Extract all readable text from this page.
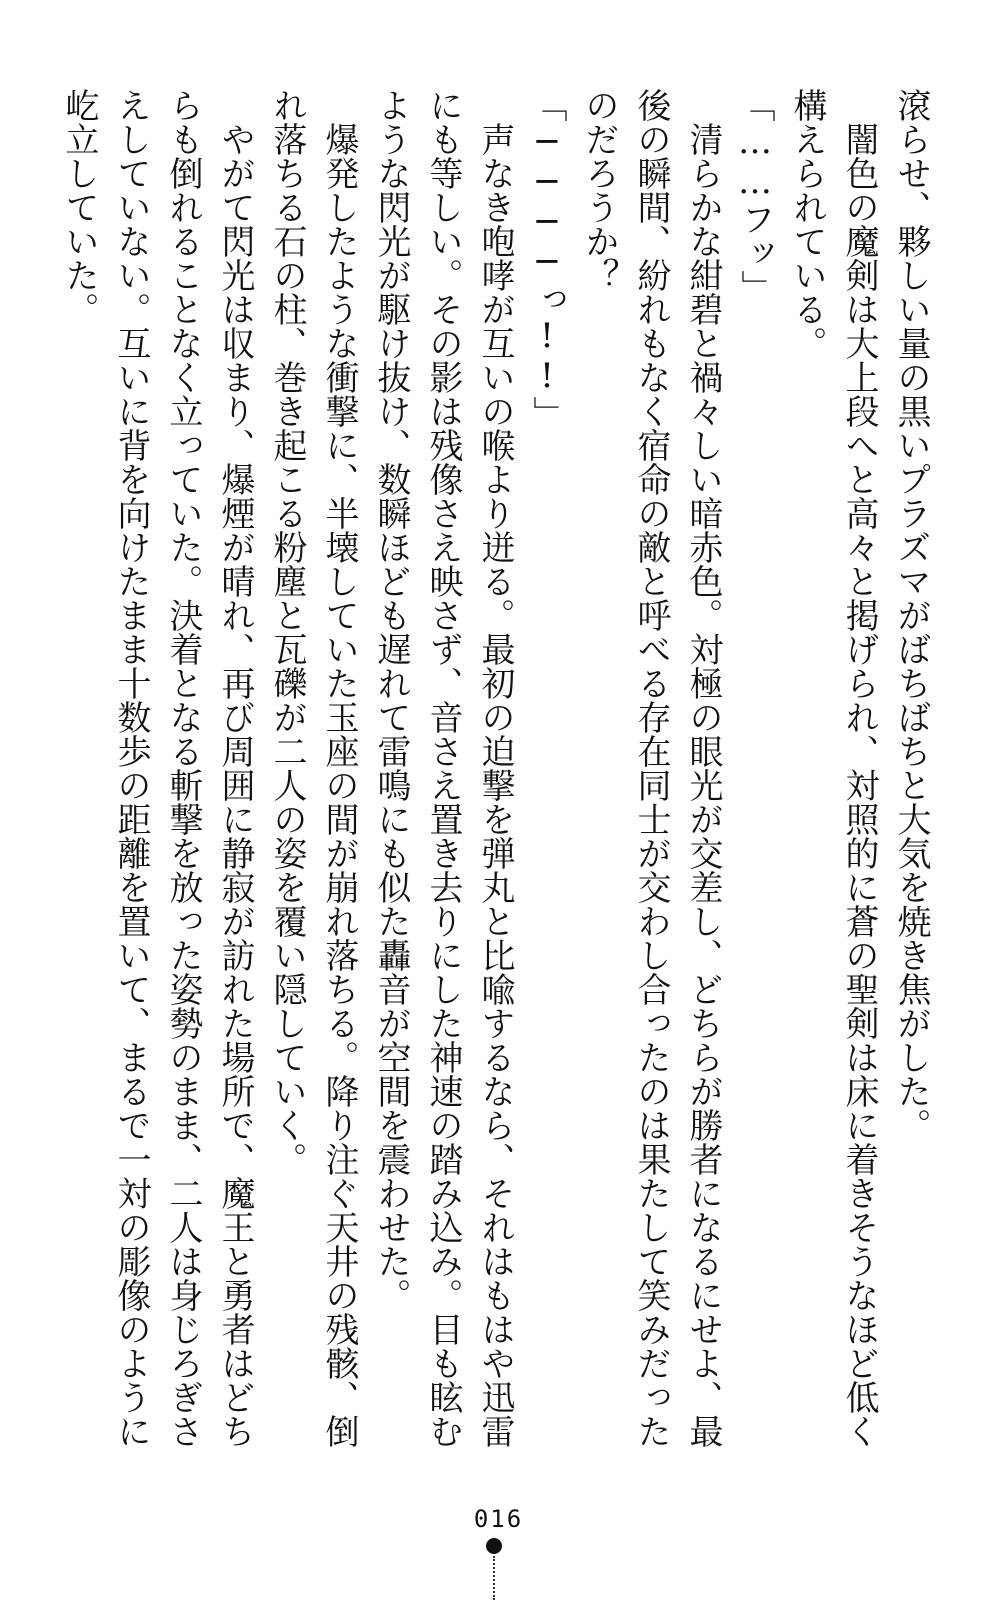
滾らせ、夥しい量の黒いプラズマがばちばちと大気を焼き焦がした。
　闇色の魔剣は大上段へと高々と掲げられ、対照的に蒼の聖剣は床に着きそうなほど低く
構えられている。
「……フッ」
　清らかな紺碧と禍々しい暗赤色。対極の眼光が交差し、どちらが勝者になるにせよ、最
後の瞬間、紛れもなく宿命の敵と呼べる存在同士が交わし合ったのは果たして笑みだった
のだろうか？
「────っ!!」
　声なき咆哮が互いの喉より迸る。最初の迫撃を弾丸と比喩するなら、それはもはや迅雷
にも等しい。その影は残像さえ映さず、音さえ置き去りにした神速の踏み込み。目も眩む
ような閃光が駆け抜け、数瞬ほども遅れて雷鳴にも似た轟音が空間を震わせた。
　爆発したような衝撃に、半壊していた玉座の間が崩れ落ちる。降り注ぐ天井の残骸、倒
れ落ちる石の柱、巻き起こる粉塵と瓦礫が二人の姿を覆い隠していく。
　やがて閃光は収まり、爆煙が晴れ、再び周囲に静寂が訪れた場所で、魔王と勇者はどち
らも倒れることなく立っていた。決着となる斬撃を放った姿勢のまま、二人は身じろぎさ
えしていない。互いに背を向けたまま十数歩の距離を置いて、まるで一対の彫像のように
屹立していた。
016
